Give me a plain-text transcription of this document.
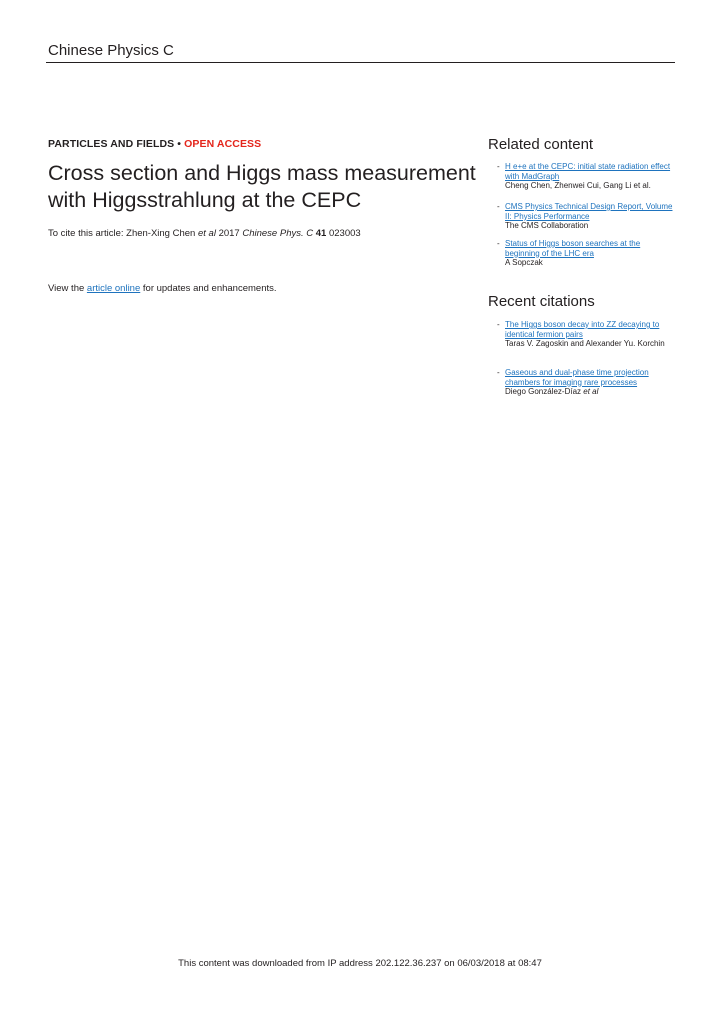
Chinese Physics C
PARTICLES AND FIELDS • OPEN ACCESS
Cross section and Higgs mass measurement with Higgsstrahlung at the CEPC
To cite this article: Zhen-Xing Chen et al 2017 Chinese Phys. C 41 023003
View the article online for updates and enhancements.
Related content
- H e+e at the CEPC: initial state radiation effect with MadGraph
Cheng Chen, Zhenwei Cui, Gang Li et al.
- CMS Physics Technical Design Report, Volume II: Physics Performance
The CMS Collaboration
- Status of Higgs boson searches at the beginning of the LHC era
A Sopczak
Recent citations
- The Higgs boson decay into ZZ decaying to identical fermion pairs
Taras V. Zagoskin and Alexander Yu. Korchin
- Gaseous and dual-phase time projection chambers for imaging rare processes
Diego González-Díaz et al
This content was downloaded from IP address 202.122.36.237 on 06/03/2018 at 08:47
